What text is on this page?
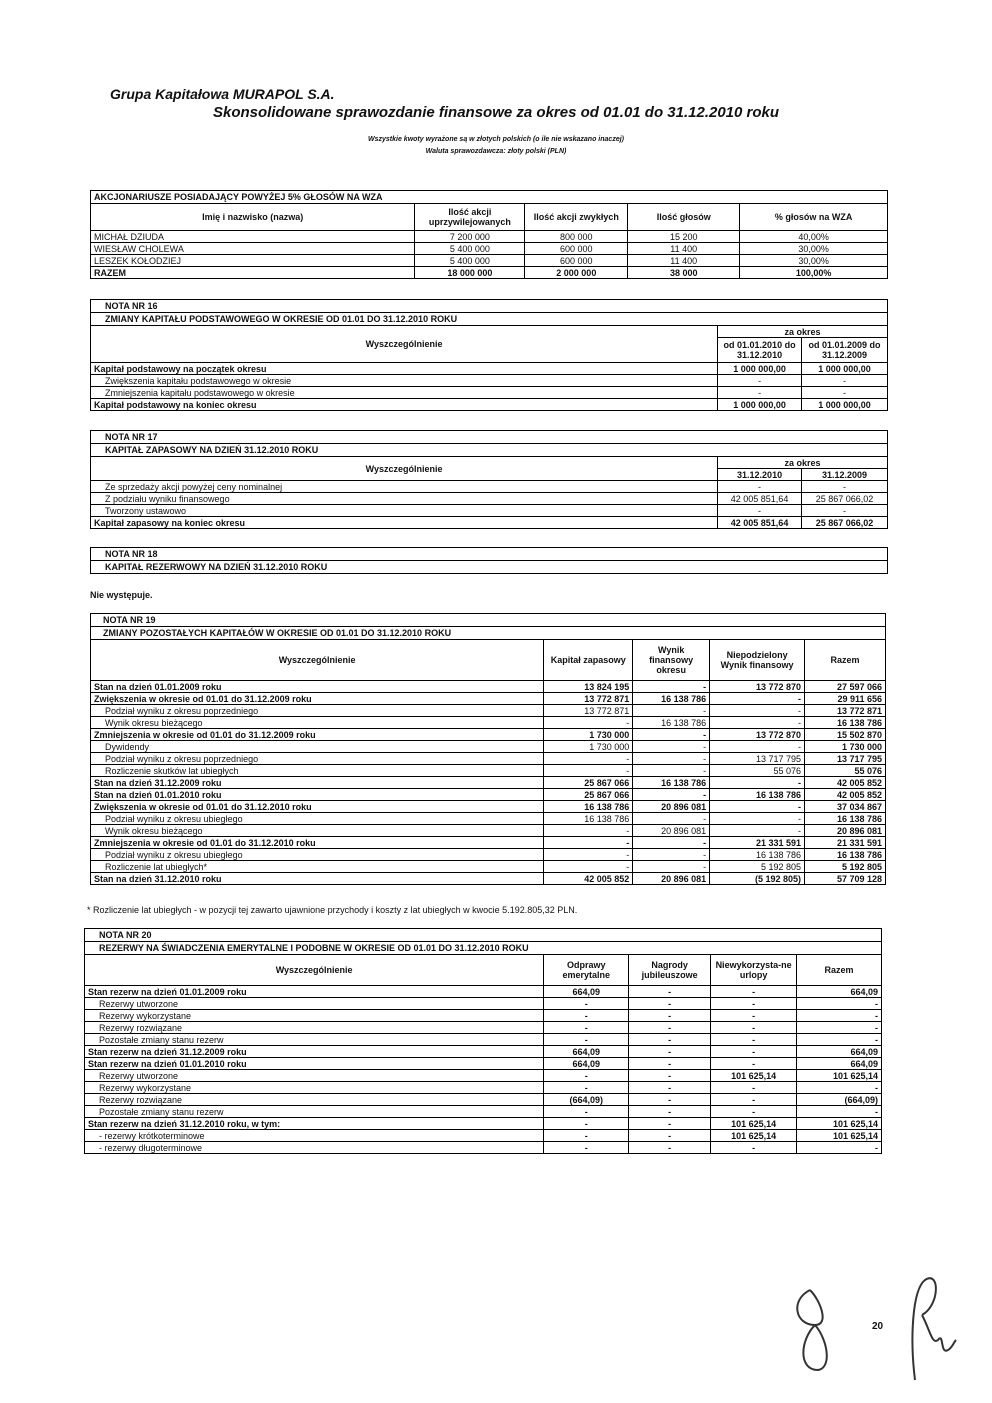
Grupa Kapitałowa MURAPOL S.A.
Skonsolidowane sprawozdanie finansowe za okres od 01.01 do 31.12.2010 roku
Wszystkie kwoty wyrażone są w złotych polskich (o ile nie wskazano inaczej)
Waluta sprawozdawcza: złoty polski (PLN)
AKCJONARIUSZE POSIADAJĄCY POWYŻEJ 5% GŁOSÓW NA WZA				
Imię i nazwisko (nazwa)	Ilość akcji uprzywilejowanych	Ilość akcji zwykłych	Ilość głosów	% głosów na WZA
MICHAŁ DZIUDA	7 200 000	800 000	15 200	40,00%
WIESŁAW CHOLEWA	5 400 000	600 000	11 400	30,00%
LESZEK KOŁODZIEJ	5 400 000	600 000	11 400	30,00%
RAZEM	18 000 000	2 000 000	38 000	100,00%
NOTA NR 16		
ZMIANY KAPITAŁU PODSTAWOWEGO W OKRESIE OD 01.01 DO 31.12.2010 ROKU		
Wyszczególnienie	za okres	
	od 01.01.2010 do 31.12.2010	od 01.01.2009 do 31.12.2009
Kapitał podstawowy na początek okresu	1 000 000,00	1 000 000,00
Zwiększenia kapitału podstawowego w okresie	-	-
Zmniejszenia kapitału podstawowego w okresie	-	-
Kapitał podstawowy na koniec okresu	1 000 000,00	1 000 000,00
NOTA NR 17		
KAPITAŁ ZAPASOWY NA DZIEŃ 31.12.2010 ROKU		
Wyszczególnienie	za okres	
	31.12.2010	31.12.2009
Ze sprzedaży akcji powyżej ceny nominalnej	-	-
Z podziału wyniku finansowego	42 005 851,64	25 867 066,02
Tworzony ustawowo	-	-
Kapitał zapasowy na koniec okresu	42 005 851,64	25 867 066,02
NOTA NR 18
KAPITAŁ REZERWOWY NA DZIEŃ 31.12.2010 ROKU
Nie występuje.
NOTA NR 19				
ZMIANY POZOSTAŁYCH KAPITAŁÓW W OKRESIE OD 01.01 DO 31.12.2010 ROKU				
Wyszczególnienie	Kapitał zapasowy	Wynik finansowy okresu	Niepodzielony Wynik finansowy	Razem
Stan na dzień 01.01.2009 roku	13 824 195	-	13 772 870	27 597 066
Zwiększenia w okresie od 01.01 do 31.12.2009 roku	13 772 871	16 138 786	-	29 911 656
Podział wyniku z okresu poprzedniego	13 772 871	-	-	13 772 871
Wynik okresu bieżącego	-	16 138 786	-	16 138 786
Zmniejszenia w okresie od 01.01 do 31.12.2009 roku	1 730 000	-	13 772 870	15 502 870
Dywidendy	1 730 000	-	-	1 730 000
Podział wyniku z okresu poprzedniego	-	-	13 717 795	13 717 795
Rozliczenie skutków lat ubiegłych	-	-	55 076	55 076
Stan na dzień 31.12.2009 roku	25 867 066	16 138 786	-	42 005 852
Stan na dzień 01.01.2010 roku	25 867 066	-	16 138 786	42 005 852
Zwiększenia w okresie od 01.01 do 31.12.2010 roku	16 138 786	20 896 081	-	37 034 867
Podział wyniku z okresu ubiegłego	16 138 786	-	-	16 138 786
Wynik okresu bieżącego	-	20 896 081	-	20 896 081
Zmniejszenia w okresie od 01.01 do 31.12.2010 roku	-	-	21 331 591	21 331 591
Podział wyniku z okresu ubiegłego	-	-	16 138 786	16 138 786
Rozliczenie lat ubiegłych*	-	-	5 192 805	5 192 805
Stan na dzień 31.12.2010 roku	42 005 852	20 896 081	(5 192 805)	57 709 128
* Rozliczenie lat ubiegłych - w pozycji tej zawarto ujawnione przychody i koszty z lat ubiegłych w kwocie 5.192.805,32 PLN.
NOTA NR 20				
REZERWY NA ŚWIADCZENIA EMERYTALNE I PODOBNE W OKRESIE OD 01.01 DO 31.12.2010 ROKU				
Wyszczególnienie	Odprawy emerytalne	Nagrody jubileuszowe	Niewykorzysta-ne urlopy	Razem
Stan rezerw na dzień 01.01.2009 roku	664,09	-	-	664,09
Rezerwy utworzone	-	-	-	-
Rezerwy wykorzystane	-	-	-	-
Rezerwy rozwiązane	-	-	-	-
Pozostałe zmiany stanu rezerw	-	-	-	-
Stan rezerw na dzień 31.12.2009 roku	664,09	-	-	664,09
Stan rezerw na dzień 01.01.2010 roku	664,09	-	-	664,09
Rezerwy utworzone	-	-	101 625,14	101 625,14
Rezerwy wykorzystane	-	-	-	-
Rezerwy rozwiązane	(664,09)	-	-	(664,09)
Pozostałe zmiany stanu rezerw	-	-	-	-
Stan rezerw na dzień 31.12.2010 roku, w tym:	-	-	101 625,14	101 625,14
- rezerwy krótkoterminowe	-	-	101 625,14	101 625,14
- rezerwy długoterminowe	-	-	-	-
20
